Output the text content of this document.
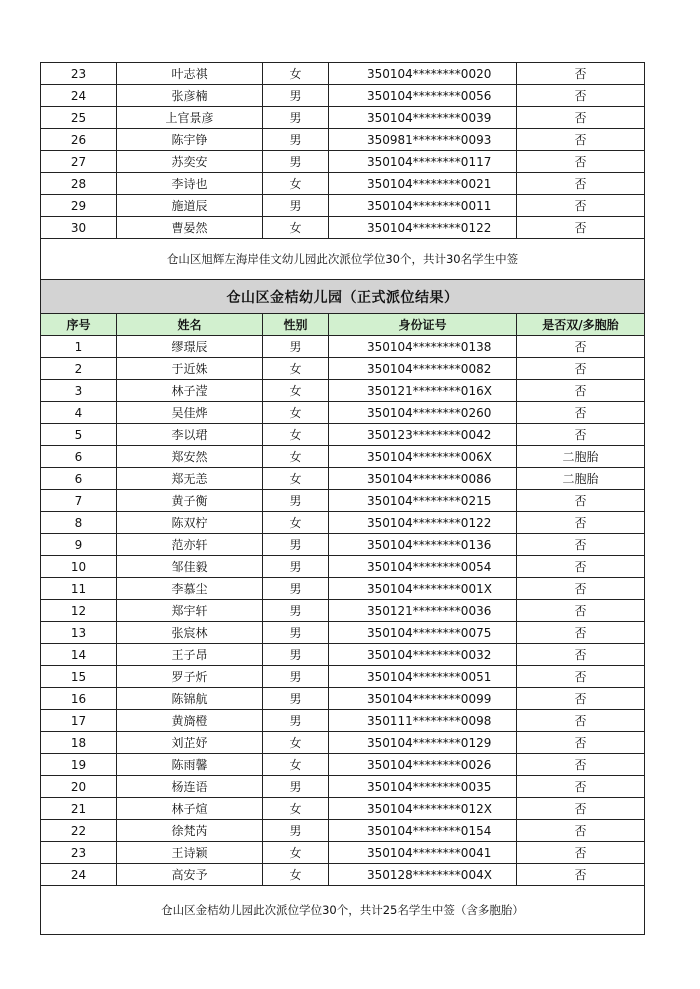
23	叶志祺	女	350104********0020	否
24	张彦楠	男	350104********0056	否
25	上官景彦	男	350104********0039	否
26	陈宇铮	男	350981********0093	否
27	苏奕安	男	350104********0117	否
28	李诗也	女	350104********0021	否
29	施道辰	男	350104********0011	否
30	曹晏然	女	350104********0122	否
仓山区旭辉左海岸佳文幼儿园此次派位学位30个，共计30名学生中签				
仓山区金桔幼儿园（正式派位结果）				
序号	姓名	性别	身份证号	是否双/多胞胎
1	缪璟辰	男	350104********0138	否
2	于近姝	女	350104********0082	否
3	林子滢	女	350121********016X	否
4	吴佳烨	女	350104********0260	否
5	李以珺	女	350123********0042	否
6	郑安然	女	350104********006X	二胞胎
6	郑无恙	女	350104********0086	二胞胎
7	黄子衡	男	350104********0215	否
8	陈双柠	女	350104********0122	否
9	范亦轩	男	350104********0136	否
10	邹佳毅	男	350104********0054	否
11	李慕尘	男	350104********001X	否
12	郑宇轩	男	350121********0036	否
13	张宸林	男	350104********0075	否
14	王子昂	男	350104********0032	否
15	罗子炘	男	350104********0051	否
16	陈锦航	男	350104********0099	否
17	黄旖橙	男	350111********0098	否
18	刘芷妤	女	350104********0129	否
19	陈雨馨	女	350104********0026	否
20	杨连语	男	350104********0035	否
21	林子煊	女	350104********012X	否
22	徐梵芮	男	350104********0154	否
23	王诗颖	女	350104********0041	否
24	高安予	女	350128********004X	否
仓山区金桔幼儿园此次派位学位30个，共计25名学生中签（含多胞胎）				
